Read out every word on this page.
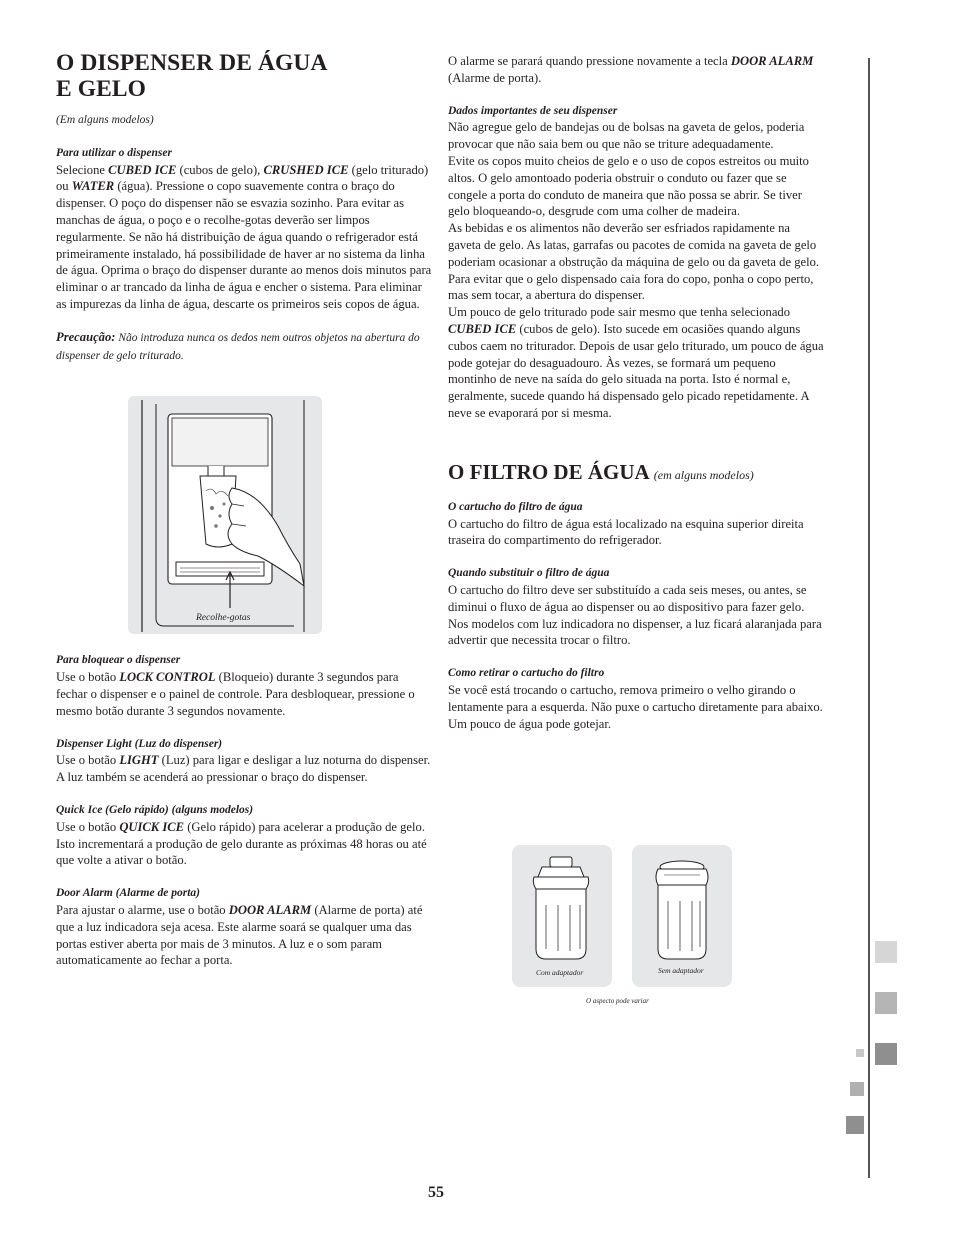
O DISPENSER DE ÁGUA
E GELO
(Em alguns modelos)
Para utilizar o dispenser

Selecione CUBED ICE (cubos de gelo), CRUSHED ICE (gelo triturado) ou WATER (água). Pressione o copo suavemente contra o braço do dispenser. O poço do dispenser não se esvazia sozinho. Para evitar as manchas de água, o poço e o recolhe-gotas deverão ser limpos regularmente. Se não há distribuição de água quando o refrigerador está primeiramente instalado, há possibilidade de haver ar no sistema da linha de água. Oprima o braço do dispenser durante ao menos dois minutos para eliminar o ar trancado da linha de água e encher o sistema. Para eliminar as impurezas da linha de água, descarte os primeiros seis copos de água.

Precaução: Não introduza nunca os dedos nem outros objetos na abertura do dispenser de gelo triturado.

Para bloquear o dispenser

Use o botão LOCK CONTROL (Bloqueio) durante 3 segundos para fechar o dispenser e o painel de controle. Para desbloquear, pressione o mesmo botão durante 3 segundos novamente.

Dispenser Light (Luz do dispenser)

Use o botão LIGHT (Luz) para ligar e desligar a luz noturna do dispenser. A luz também se acenderá ao pressionar o braço do dispenser.

Quick Ice (Gelo rápido) (alguns modelos)

Use o botão QUICK ICE (Gelo rápido) para acelerar a produção de gelo. Isto incrementará a produção de gelo durante as próximas 48 horas ou até que volte a ativar o botão.

Door Alarm (Alarme de porta)

Para ajustar o alarme, use o botão DOOR ALARM (Alarme de porta) até que a luz indicadora seja acesa. Este alarme soará se qualquer uma das portas estiver aberta por mais de 3 minutos. A luz e o som param automaticamente ao fechar a porta.

Recolhe-gotas

O alarme se parará quando pressione novamente a tecla DOOR ALARM (Alarme de porta).

Dados importantes de seu dispenser

Não agregue gelo de bandejas ou de bolsas na gaveta de gelos, poderia provocar que não saia bem ou que não se triture adequadamente.

Evite os copos muito cheios de gelo e o uso de copos estreitos ou muito altos. O gelo amontoado poderia obstruir o conduto ou fazer que se congele a porta do conduto de maneira que não possa se abrir. Se tiver gelo bloqueando-o, desgrude com uma colher de madeira.

As bebidas e os alimentos não deverão ser esfriados rapidamente na gaveta de gelo. As latas, garrafas ou pacotes de comida na gaveta de gelo poderiam ocasionar a obstrução da máquina de gelo ou da gaveta de gelo.

Para evitar que o gelo dispensado caia fora do copo, ponha o copo perto, mas sem tocar, a abertura do dispenser.

Um pouco de gelo triturado pode sair mesmo que tenha selecionado CUBED ICE (cubos de gelo). Isto sucede em ocasiões quando alguns cubos caem no triturador. Depois de usar gelo triturado, um pouco de água pode gotejar do desaguadouro. Às vezes, se formará um pequeno montinho de neve na saída do gelo situada na porta. Isto é normal e, geralmente, sucede quando há dispensado gelo picado repetidamente. A neve se evaporará por si mesma.

O FILTRO DE ÁGUA (em alguns modelos)
O cartucho do filtro de água

O cartucho do filtro de água está localizado na esquina superior direita traseira do compartimento do refrigerador.

Quando substituir o filtro de água

O cartucho do filtro deve ser substituído a cada seis meses, ou antes, se diminui o fluxo de água ao dispenser ou ao dispositivo para fazer gelo. Nos modelos com luz indicadora no dispenser, a luz ficará alaranjada para advertir que necessita trocar o filtro.

Como retirar o cartucho do filtro

Se você está trocando o cartucho, remova primeiro o velho girando o lentamente para a esquerda. Não puxe o cartucho diretamente para abaixo. Um pouco de água pode gotejar.

Com adaptador	Sem adaptador
O aspecto pode variar
55
